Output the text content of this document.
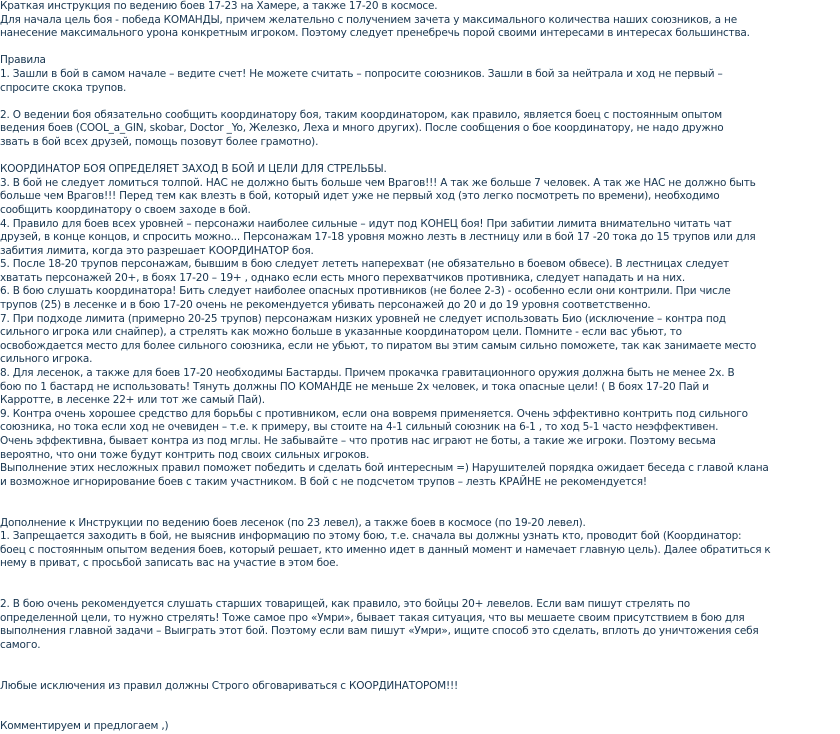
Краткая инструкция по ведению боев 17-23 на Хамере, а также 17-20 в космосе.
Для начала цель боя - победа КОМАНДЫ, причем желательно с получением зачета у максимального количества наших союзников, а не
нанесение максимального урона конкретным игроком. Поэтому следует пренебречь порой своими интересами в интересах большинства.
Правила
1. Зашли в бой в самом начале – ведите счет! Не можете считать – попросите союзников. Зашли в бой за нейтрала и ход не первый –
спросите скока трупов.
2. О ведении боя обязательно сообщить координатору боя, таким координатором, как правило, является боец с постоянным опытом
ведения боев (COOL_a_GIN, skobar, Doctor _Yo, Железко, Леха и много других). После сообщения о бое координатору, не надо дружно
звать в бой всех друзей, помощь позовут более грамотно).
КООРДИНАТОР БОЯ ОПРЕДЕЛЯЕТ ЗАХОД В БОЙ И ЦЕЛИ ДЛЯ СТРЕЛЬБЫ.
3. В бой не следует ломиться толпой. НАС не должно быть больше чем Врагов!!! А так же больше 7 человек. А так же НАС не должно быть
больше чем Врагов!!! Перед тем как влезть в бой, который идет уже не первый ход (это легко посмотреть по времени), необходимо
сообщить координатору о своем заходе в бой.
4. Правило для боев всех уровней – персонажи наиболее сильные – идут под КОНЕЦ боя! При забитии лимита внимательно читать чат
друзей, в конце концов, и спросить можно... Персонажам 17-18 уровня можно лезть в лестницу или в бой 17 -20 тока до 15 трупов или для
забития лимита, когда это разрешает КООРДИНАТОР боя.
5. После 18-20 трупов персонажам, бывшим в бою следует лететь наперехват (не обязательно в боевом обвесе). В лестницах следует
хватать персонажей 20+, в боях 17-20 – 19+ , однако если есть много перехватчиков противника, следует нападать и на них.
6. В бою слушать координатора! Бить следует наиболее опасных противников (не более 2-3) - особенно если они контрили. При числе
трупов (25) в лесенке и в бою 17-20 очень не рекомендуется убивать персонажей до 20 и до 19 уровня соответственно.
7. При подходе лимита (примерно 20-25 трупов) персонажам низких уровней не следует использовать Био (исключение – контра под
сильного игрока или снайпер), а стрелять как можно больше в указанные координатором цели. Помните - если вас убьют, то
освобождается место для более сильного союзника, если не убьют, то пиратом вы этим самым сильно поможете, так как занимаете место
сильного игрока.
8. Для лесенок, а также для боев 17-20 необходимы Бастарды. Причем прокачка гравитационного оружия должна быть не менее 2х. В
бою по 1 бастард не использовать! Тянуть должны ПО КОМАНДЕ не меньше 2х человек, и тока опасные цели! ( В боях 17-20 Пай и
Карротте, в лесенке 22+ или тот же самый Пай).
9. Контра очень хорошее средство для борьбы с противником, если она вовремя применяется. Очень эффективно контрить под сильного
союзника, но тока если ход не очевиден – т.е. к примеру, вы стоите на 4-1 сильный союзник на 6-1 , то ход 5-1 часто неэффективен.
Очень эффективна, бывает контра из под мглы. Не забывайте – что против нас играют не боты, а такие же игроки. Поэтому весьма
вероятно, что они тоже будут контрить под своих сильных игроков.
Выполнение этих несложных правил поможет победить и сделать бой интересным =) Нарушителей порядка ожидает беседа с главой клана
и возможное игнорирование боев с таким участником. В бой с не подсчетом трупов – лезть КРАЙНЕ не рекомендуется!
Дополнение к Инструкции по ведению боев лесенок (по 23 левел), а также боев в космосе (по 19-20 левел).
1. Запрещается заходить в бой, не выяснив информацию по этому бою, т.е. сначала вы должны узнать кто, проводит бой (Координатор:
боец с постоянным опытом ведения боев, который решает, кто именно идет в данный момент и намечает главную цель). Далее обратиться к
нему в приват, с просьбой записать вас на участие в этом бое.
2. В бою очень рекомендуется слушать старших товарищей, как правило, это бойцы 20+ левелов. Если вам пишут стрелять по
определенной цели, то нужно стрелять! Тоже самое про «Умри», бывает такая ситуация, что вы мешаете своим присутствием в бою для
выполнения главной задачи – Выиграть этот бой. Поэтому если вам пишут «Умри», ищите способ это сделать, вплоть до уничтожения себя
самого.
Любые исключения из правил должны Строго обговариваться с КООРДИНАТОРОМ!!!
Комментируем и предлогаем ,)
